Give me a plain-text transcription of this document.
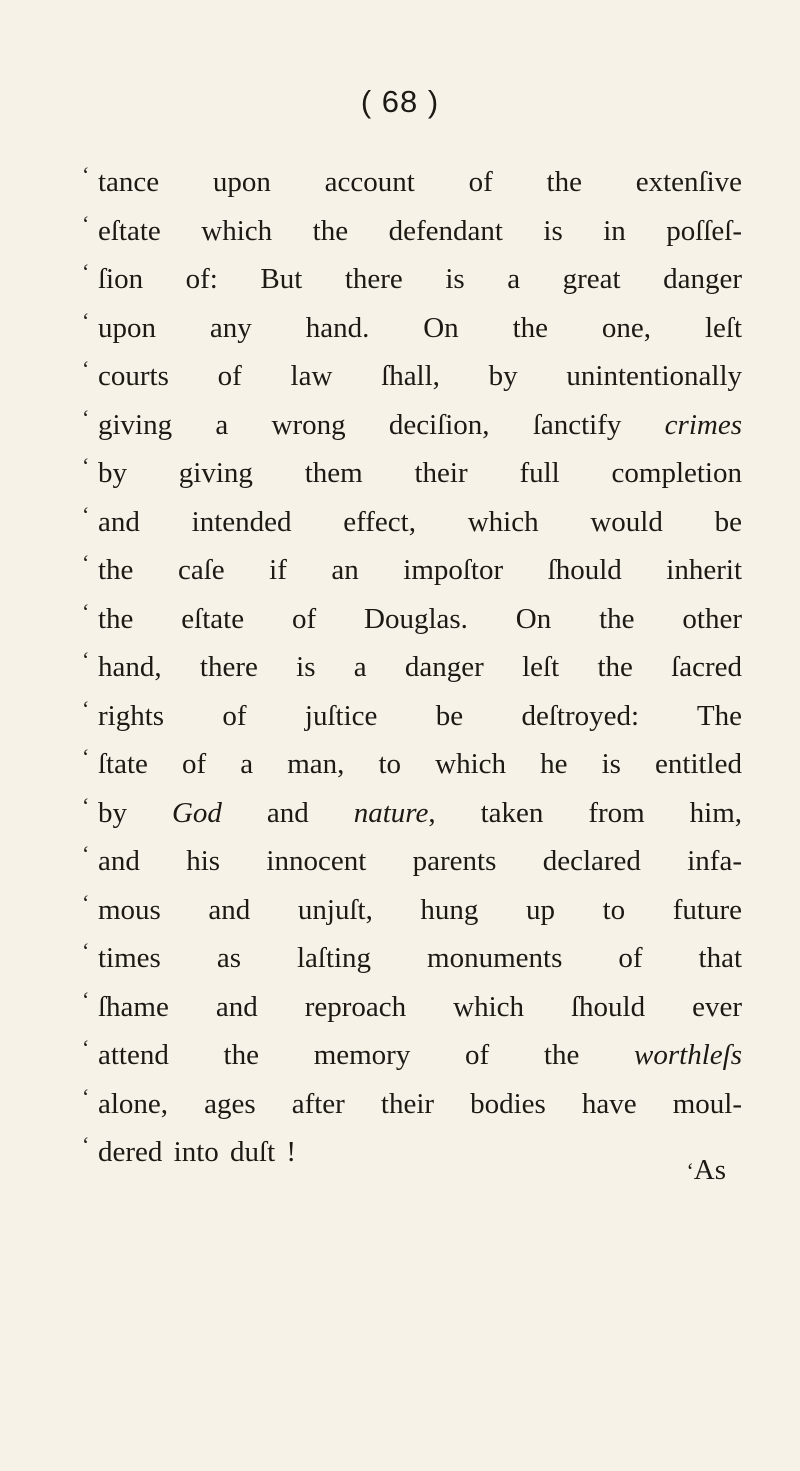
( 68 )
‘ tance upon account of the extenſive
‘ eſtate which the defendant is in poſſeſ-
‘ ſion of: But there is a great danger
‘ upon any hand. On the one, leſt
‘ courts of law ſhall, by unintentionally
‘ giving a wrong deciſion, ſanctify crimes
‘ by giving them their full completion
‘ and intended effect, which would be
‘ the caſe if an impoſtor ſhould inherit
‘ the eſtate of Douglas. On the other
‘ hand, there is a danger leſt the ſacred
‘ rights of juſtice be deſtroyed: The
‘ ſtate of a man, to which he is entitled
‘ by God and nature, taken from him,
‘ and his innocent parents declared infa-
‘ mous and unjuſt, hung up to future
‘ times as laſting monuments of that
‘ ſhame and reproach which ſhould ever
‘ attend the memory of the worthleſs
‘ alone, ages after their bodies have moul-
‘ dered into duſt !
‘As
